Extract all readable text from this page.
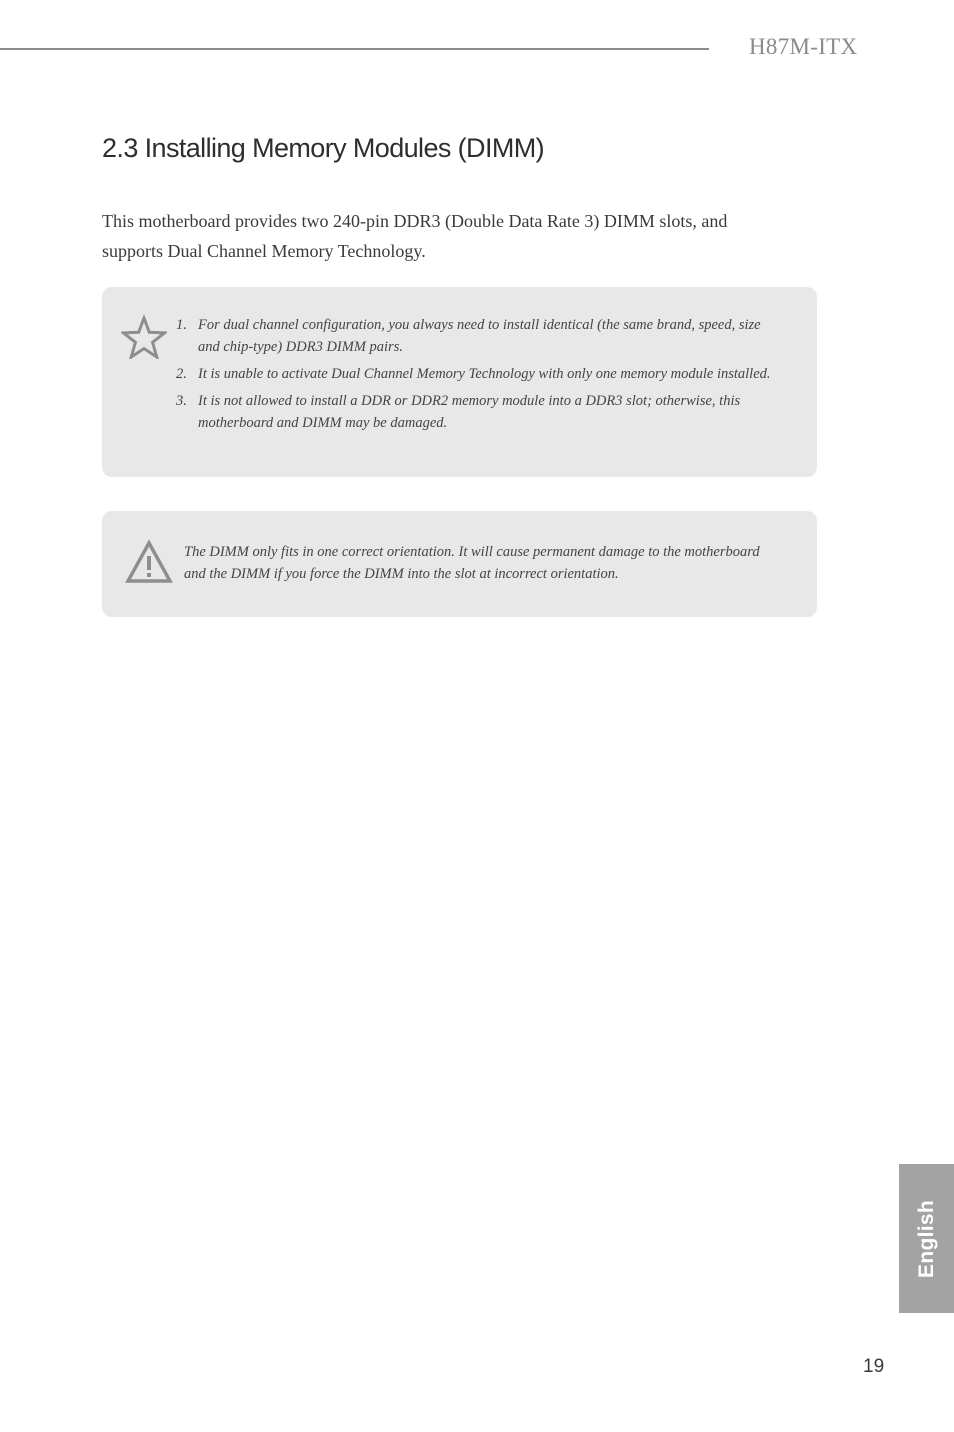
H87M-ITX
2.3 Installing Memory Modules (DIMM)

This motherboard provides two 240-pin DDR3 (Double Data Rate 3) DIMM slots, and supports Dual Channel Memory Technology.

1. For dual channel configuration, you always need to install identical (the same brand, speed, size and chip-type) DDR3 DIMM pairs.
2. It is unable to activate Dual Channel Memory Technology with only one memory module installed.
3. It is not allowed to install a DDR or DDR2 memory module into a DDR3 slot; otherwise, this motherboard and DIMM may be damaged.

The DIMM only fits in one correct orientation. It will cause permanent damage to the motherboard and the DIMM if you force the DIMM into the slot at incorrect orientation.

English
19
